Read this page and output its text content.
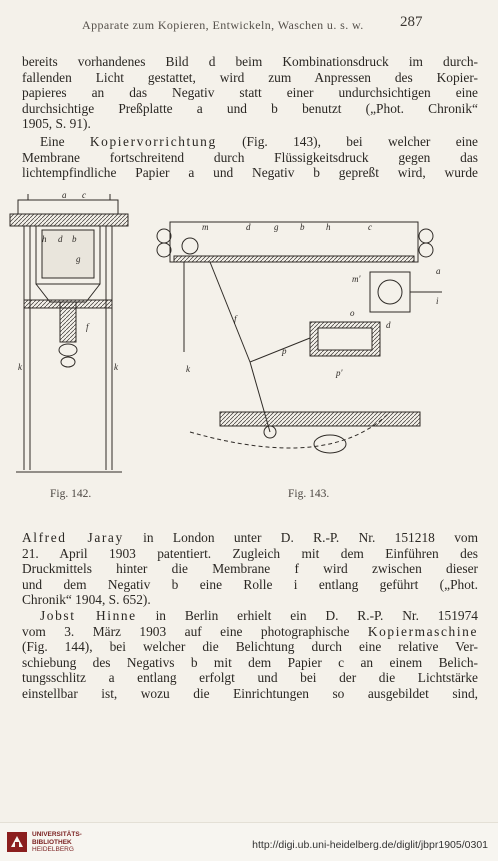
Apparate zum Kopieren, Entwickeln, Waschen u. s. w.	287
bereits vorhandenes Bild d beim Kombinationsdruck im durch-
fallenden Licht gestattet, wird zum Anpressen des Kopier-
papieres an das Negativ statt einer undurchsichtigen eine
durchsichtige Preßplatte a und b benutzt („Phot. Chronik“
1905, S. 91).
Eine Kopiervorrichtung (Fig. 143), bei welcher eine
Membrane fortschreitend durch Flüssigkeitsdruck gegen das
lichtempfindliche Papier a und Negativ b gepreßt wird, wurde
a c
h d b
g
f
k	k
m	d	g b h	c
a
i
m'
k
f
p
o
d
p'
Fig. 142.	Fig. 143.
Alfred Jaray in London unter D. R.-P. Nr. 151218 vom
21. April 1903 patentiert. Zugleich mit dem Einführen des
Druckmittels hinter die Membrane f wird zwischen dieser
und dem Negativ b eine Rolle i entlang geführt („Phot.
Chronik“ 1904, S. 652).
Jobst Hinne in Berlin erhielt ein D. R.-P. Nr. 151974
vom 3. März 1903 auf eine photographische Kopiermaschine
(Fig. 144), bei welcher die Belichtung durch eine relative Ver-
schiebung des Negativs b mit dem Papier c an einem Belich-
tungsschlitz a entlang erfolgt und bei der die Lichtstärke
einstellbar ist, wozu die Einrichtungen so ausgebildet sind,
UNIVERSITÄTS-
BIBLIOTHEK
HEIDELBERG	http://digi.ub.uni-heidelberg.de/diglit/jbpr1905/0301
